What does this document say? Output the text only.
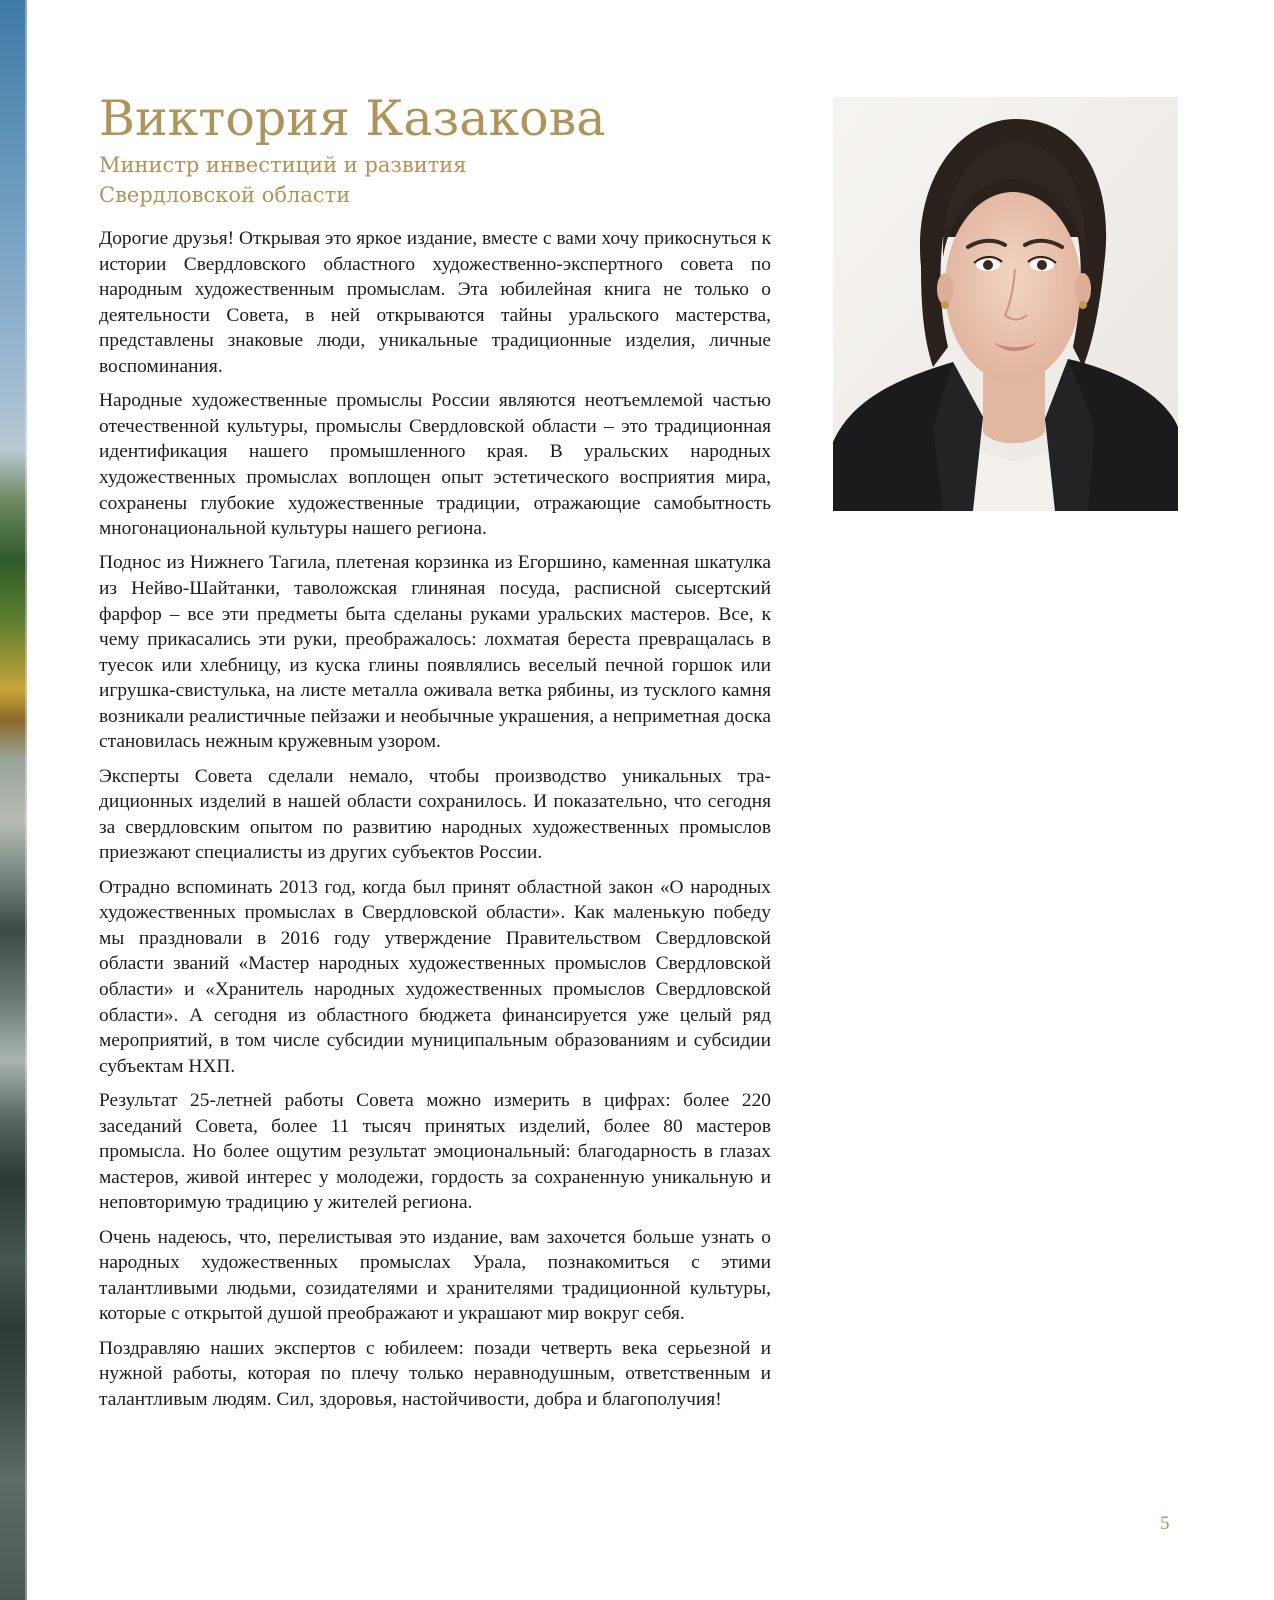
Виктория Казакова
Министр инвестиций и развития
Свердловской области

Дорогие друзья! Открывая это яркое издание, вместе с вами хочу прикоснуться к истории Свердловского областного художественно-экспертного совета по народным художественным промыслам. Эта юбилейная книга не только о деятельности Совета, в ней открываются тайны уральского мастерства, представлены знаковые люди, уникальные традиционные изделия, личные воспоминания.

Народные художественные промыслы России являются неотъемлемой частью отечественной культуры, промыслы Свердловской области – это традиционная идентификация нашего промышленного края. В уральских народных художественных промыслах воплощен опыт эстетического восприятия мира, сохранены глубокие художественные традиции, отражающие самобытность многонациональной культуры нашего региона.

Поднос из Нижнего Тагила, плетеная корзинка из Егоршино, каменная шкатулка из Нейво-Шайтанки, таволожская глиняная посуда, расписной сысертский фарфор – все эти предметы быта сделаны руками уральских мастеров. Все, к чему прикасались эти руки, преображалось: лохматая береста превращалась в туесок или хлебницу, из куска глины появлялись веселый печной горшок или игрушка-свистулька, на листе металла оживала ветка рябины, из тусклого камня возникали реалистичные пейзажи и необычные украшения, а неприметная доска становилась нежным кружевным узором.

Эксперты Совета сделали немало, чтобы производство уникальных традиционных изделий в нашей области сохранилось. И показательно, что сегодня за свердловским опытом по развитию народных художественных промыслов приезжают специалисты из других субъектов России.

Отрадно вспоминать 2013 год, когда был принят областной закон «О народных художественных промыслах в Свердловской области». Как маленькую победу мы праздновали в 2016 году утверждение Правительством Свердловской области званий «Мастер народных художественных промыслов Свердловской области» и «Хранитель народных художественных промыслов Свердловской области». А сегодня из областного бюджета финансируется уже целый ряд мероприятий, в том числе субсидии муниципальным образованиям и субсидии субъектам НХП.

Результат 25-летней работы Совета можно измерить в цифрах: более 220 заседаний Совета, более 11 тысяч принятых изделий, более 80 мастеров промысла. Но более ощутим результат эмоциональный: благодарность в глазах мастеров, живой интерес у молодежи, гордость за сохраненную уникальную и неповторимую традицию у жителей региона.

Очень надеюсь, что, перелистывая это издание, вам захочется больше узнать о народных художественных промыслах Урала, познакомиться с этими талантливыми людьми, созидателями и хранителями традиционной культуры, которые с открытой душой преображают и украшают мир вокруг себя.

Поздравляю наших экспертов с юбилеем: позади четверть века серьезной и нужной работы, которая по плечу только неравнодушным, ответственным и талантливым людям. Сил, здоровья, настойчивости, добра и благополучия!

5
